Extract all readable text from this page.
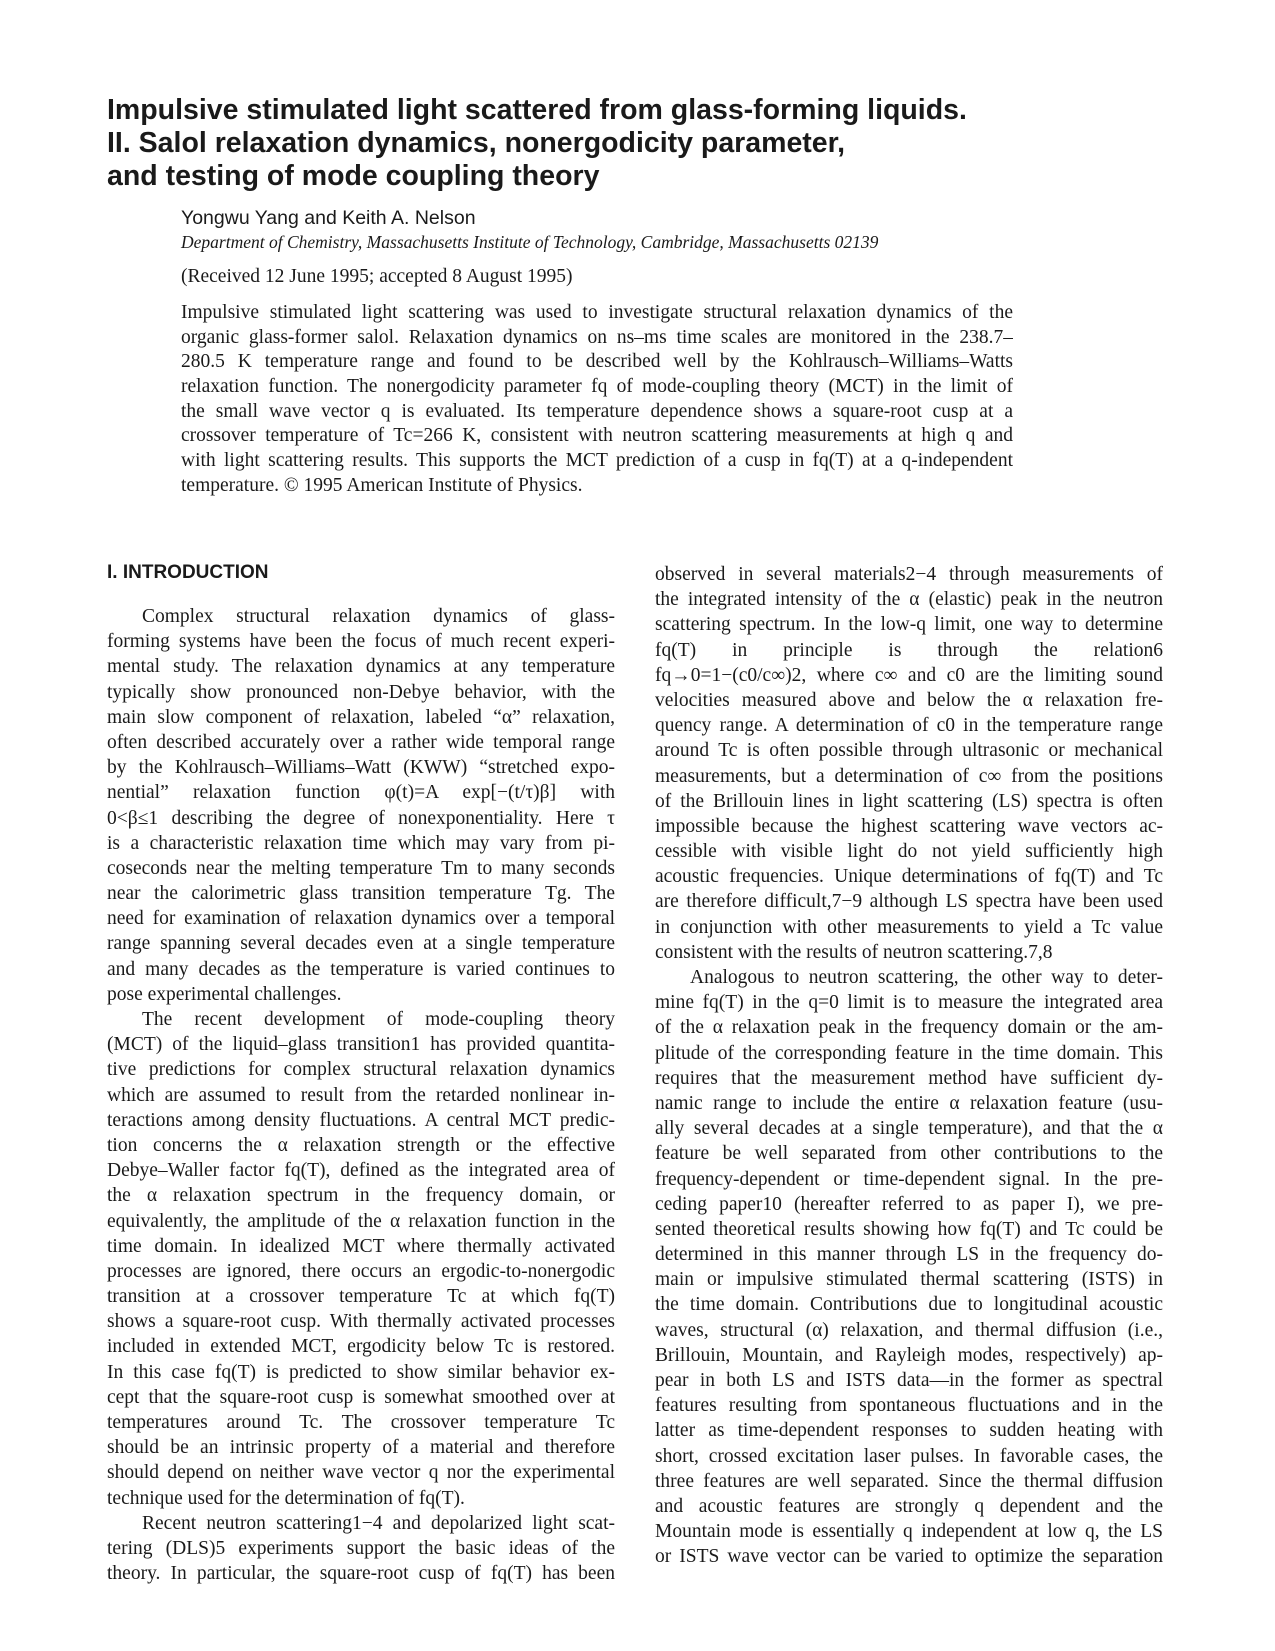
Impulsive stimulated light scattered from glass-forming liquids.
II. Salol relaxation dynamics, nonergodicity parameter,
and testing of mode coupling theory

Yongwu Yang and Keith A. Nelson

Department of Chemistry, Massachusetts Institute of Technology, Cambridge, Massachusetts 02139

(Received 12 June 1995; accepted 8 August 1995)

Impulsive stimulated light scattering was used to investigate structural relaxation dynamics of the
organic glass-former salol. Relaxation dynamics on ns–ms time scales are monitored in the 238.7–
280.5 K temperature range and found to be described well by the Kohlrausch–Williams–Watts
relaxation function. The nonergodicity parameter fq of mode-coupling theory (MCT) in the limit of
the small wave vector q is evaluated. Its temperature dependence shows a square-root cusp at a
crossover temperature of Tc=266 K, consistent with neutron scattering measurements at high q and
with light scattering results. This supports the MCT prediction of a cusp in fq(T) at a q-independent
temperature. © 1995 American Institute of Physics.
I. INTRODUCTION
Complex structural relaxation dynamics of glass-
forming systems have been the focus of much recent experi-
mental study. The relaxation dynamics at any temperature
typically show pronounced non-Debye behavior, with the
main slow component of relaxation, labeled “α” relaxation,
often described accurately over a rather wide temporal range
by the Kohlrausch–Williams–Watt (KWW) “stretched expo-
nential” relaxation function φ(t)=A exp[−(t/τ)β] with
0<β≤1 describing the degree of nonexponentiality. Here τ
is a characteristic relaxation time which may vary from pi-
coseconds near the melting temperature Tm to many seconds
near the calorimetric glass transition temperature Tg. The
need for examination of relaxation dynamics over a temporal
range spanning several decades even at a single temperature
and many decades as the temperature is varied continues to
pose experimental challenges.
The recent development of mode-coupling theory
(MCT) of the liquid–glass transition1 has provided quantita-
tive predictions for complex structural relaxation dynamics
which are assumed to result from the retarded nonlinear in-
teractions among density fluctuations. A central MCT predic-
tion concerns the α relaxation strength or the effective
Debye–Waller factor fq(T), defined as the integrated area of
the α relaxation spectrum in the frequency domain, or
equivalently, the amplitude of the α relaxation function in the
time domain. In idealized MCT where thermally activated
processes are ignored, there occurs an ergodic-to-nonergodic
transition at a crossover temperature Tc at which fq(T)
shows a square-root cusp. With thermally activated processes
included in extended MCT, ergodicity below Tc is restored.
In this case fq(T) is predicted to show similar behavior ex-
cept that the square-root cusp is somewhat smoothed over at
temperatures around Tc. The crossover temperature Tc
should be an intrinsic property of a material and therefore
should depend on neither wave vector q nor the experimental
technique used for the determination of fq(T).
Recent neutron scattering1−4 and depolarized light scat-
tering (DLS)5 experiments support the basic ideas of the
theory. In particular, the square-root cusp of fq(T) has been
observed in several materials2−4 through measurements of
the integrated intensity of the α (elastic) peak in the neutron
scattering spectrum. In the low-q limit, one way to determine
fq(T) in principle is through the relation6
fq→0=1−(c0/c∞)2, where c∞ and c0 are the limiting sound
velocities measured above and below the α relaxation fre-
quency range. A determination of c0 in the temperature range
around Tc is often possible through ultrasonic or mechanical
measurements, but a determination of c∞ from the positions
of the Brillouin lines in light scattering (LS) spectra is often
impossible because the highest scattering wave vectors ac-
cessible with visible light do not yield sufficiently high
acoustic frequencies. Unique determinations of fq(T) and Tc
are therefore difficult,7−9 although LS spectra have been used
in conjunction with other measurements to yield a Tc value
consistent with the results of neutron scattering.7,8
Analogous to neutron scattering, the other way to deter-
mine fq(T) in the q=0 limit is to measure the integrated area
of the α relaxation peak in the frequency domain or the am-
plitude of the corresponding feature in the time domain. This
requires that the measurement method have sufficient dy-
namic range to include the entire α relaxation feature (usu-
ally several decades at a single temperature), and that the α
feature be well separated from other contributions to the
frequency-dependent or time-dependent signal. In the pre-
ceding paper10 (hereafter referred to as paper I), we pre-
sented theoretical results showing how fq(T) and Tc could be
determined in this manner through LS in the frequency do-
main or impulsive stimulated thermal scattering (ISTS) in
the time domain. Contributions due to longitudinal acoustic
waves, structural (α) relaxation, and thermal diffusion (i.e.,
Brillouin, Mountain, and Rayleigh modes, respectively) ap-
pear in both LS and ISTS data—in the former as spectral
features resulting from spontaneous fluctuations and in the
latter as time-dependent responses to sudden heating with
short, crossed excitation laser pulses. In favorable cases, the
three features are well separated. Since the thermal diffusion
and acoustic features are strongly q dependent and the
Mountain mode is essentially q independent at low q, the LS
or ISTS wave vector can be varied to optimize the separation
